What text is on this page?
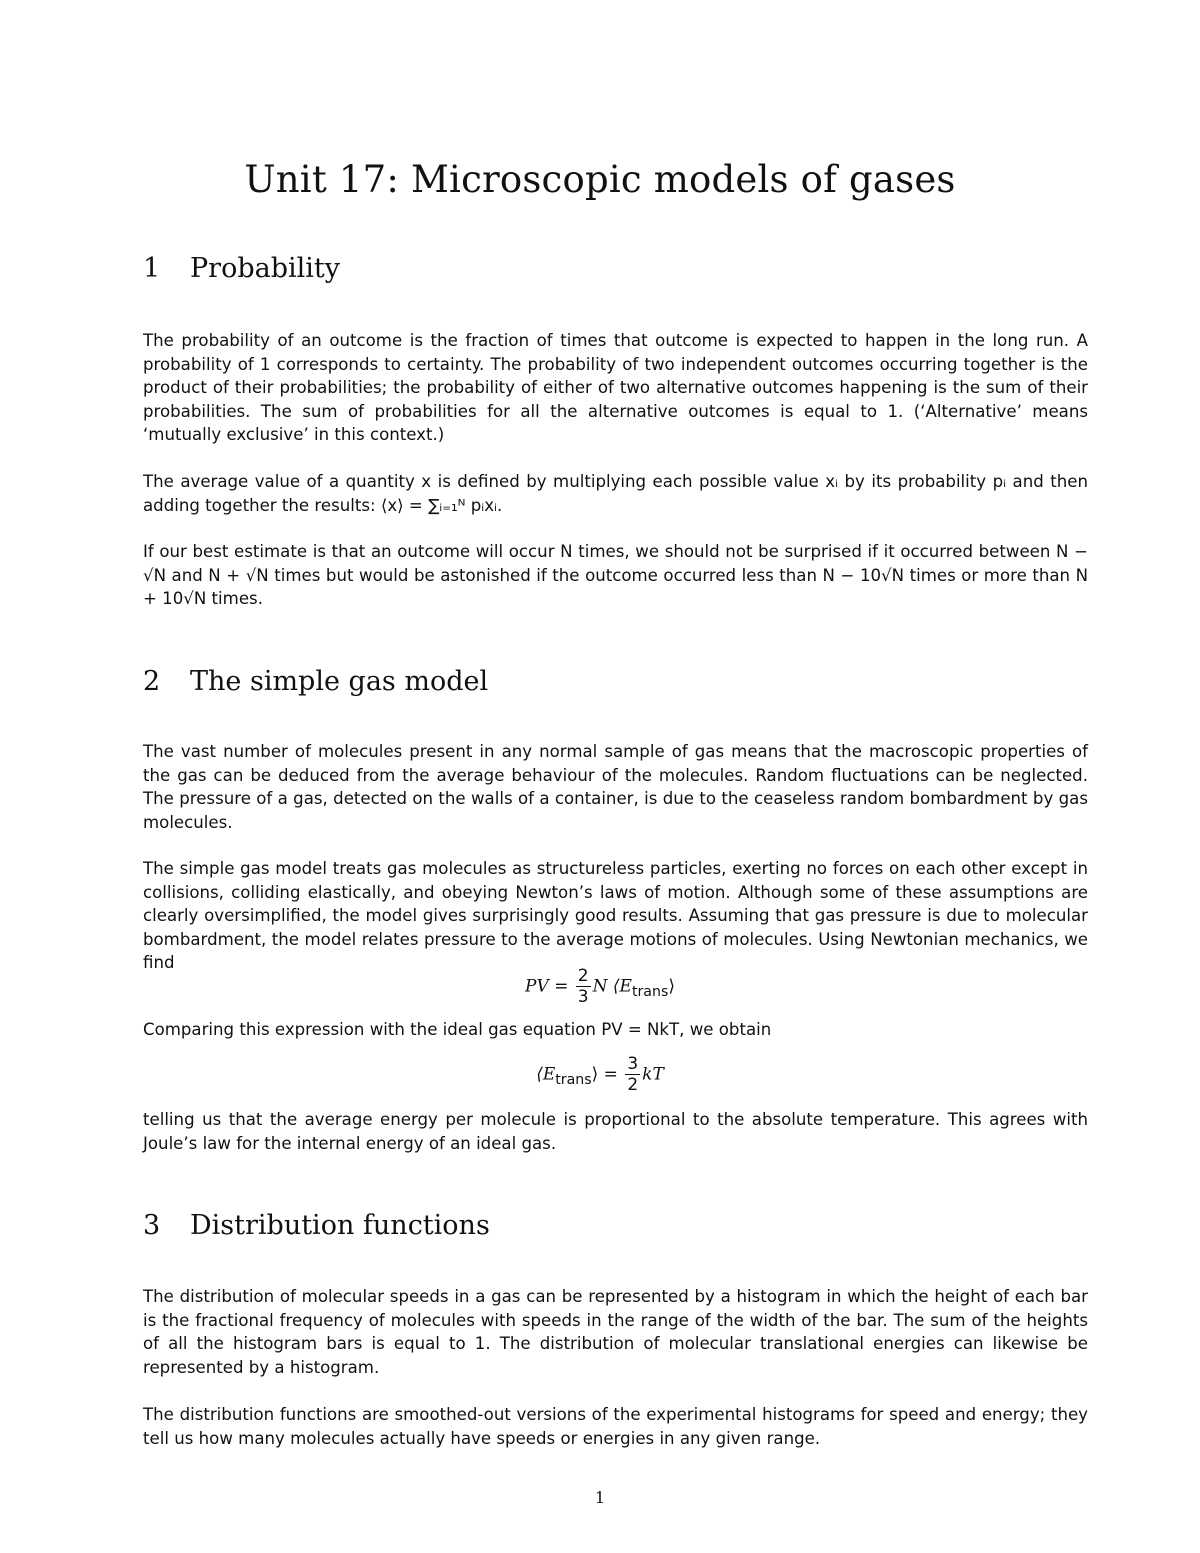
Unit 17: Microscopic models of gases
1 Probability

The probability of an outcome is the fraction of times that outcome is expected to happen in the long run. A probability of 1 corresponds to certainty. The probability of two independent outcomes occurring together is the product of their probabilities; the probability of either of two alternative outcomes happening is the sum of their probabilities. The sum of probabilities for all the alternative outcomes is equal to 1. (‘Alternative’ means ‘mutually exclusive’ in this context.)

The average value of a quantity x is defined by multiplying each possible value xᵢ by its probability pᵢ and then adding together the results: ⟨x⟩ = ∑ᵢ₌₁ᴺ pᵢxᵢ.

If our best estimate is that an outcome will occur N times, we should not be surprised if it occurred between N − √N and N + √N times but would be astonished if the outcome occurred less than N − 10√N times or more than N + 10√N times.

2 The simple gas model

The vast number of molecules present in any normal sample of gas means that the macroscopic properties of the gas can be deduced from the average behaviour of the molecules. Random fluctuations can be neglected. The pressure of a gas, detected on the walls of a container, is due to the ceaseless random bombardment by gas molecules.

The simple gas model treats gas molecules as structureless particles, exerting no forces on each other except in collisions, colliding elastically, and obeying Newton’s laws of motion. Although some of these assumptions are clearly oversimplified, the model gives surprisingly good results. Assuming that gas pressure is due to molecular bombardment, the model relates pressure to the average motions of molecules. Using Newtonian mechanics, we find

PV = $\frac{2}{3}$ N $⟨E_{trans}⟩$

Comparing this expression with the ideal gas equation PV = NkT, we obtain

$⟨E_{trans}⟩ = \frac{3}{2}$ kT

telling us that the average energy per molecule is proportional to the absolute temperature. This agrees with Joule’s law for the internal energy of an ideal gas.

3 Distribution functions

The distribution of molecular speeds in a gas can be represented by a histogram in which the height of each bar is the fractional frequency of molecules with speeds in the range of the width of the bar. The sum of the heights of all the histogram bars is equal to 1. The distribution of molecular translational energies can likewise be represented by a histogram.

The distribution functions are smoothed-out versions of the experimental histograms for speed and energy; they tell us how many molecules actually have speeds or energies in any given range.

1
